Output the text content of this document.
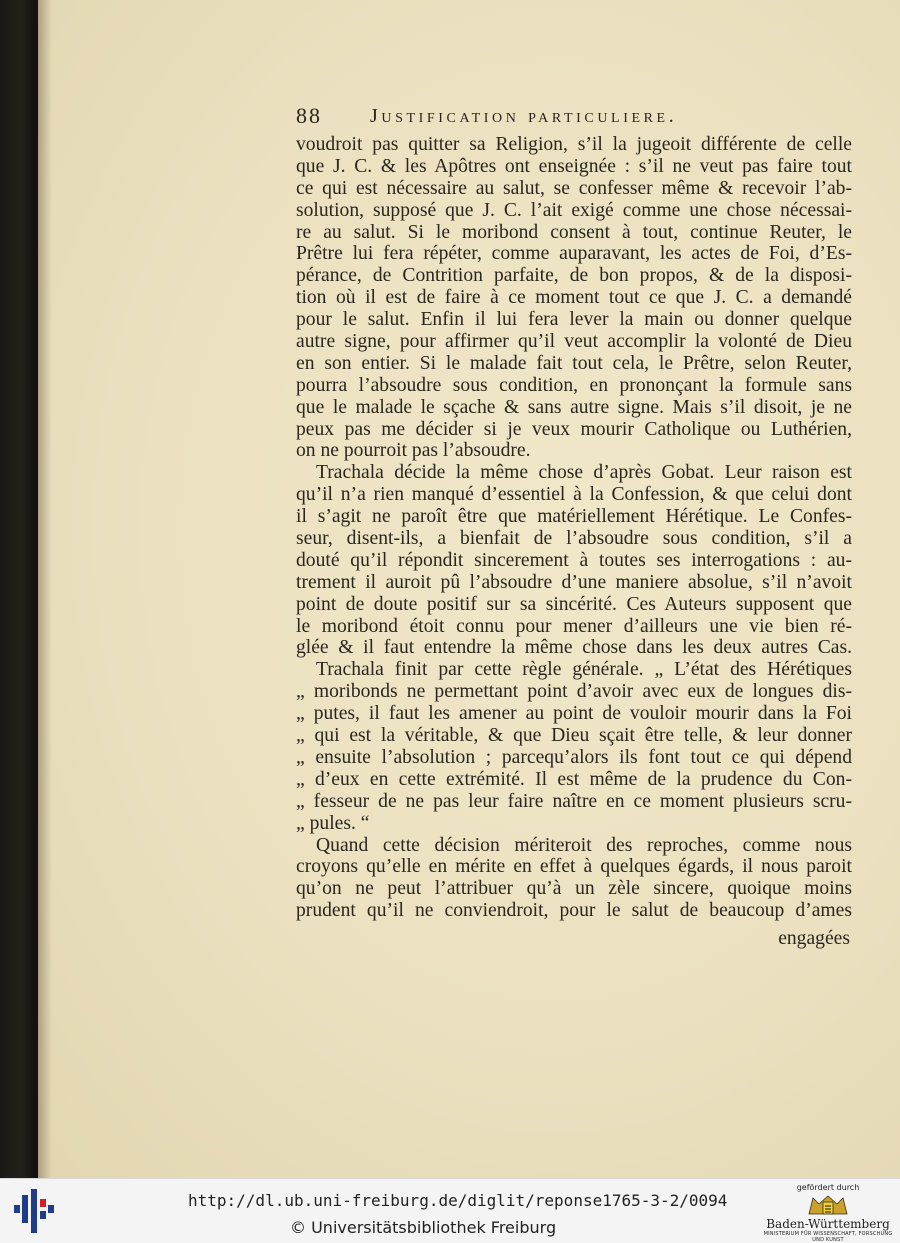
88 Justification particuliere.
voudroit pas quitter sa Religion, s’il la jugeoit différente de celle
que J. C. & les Apôtres ont enseignée : s’il ne veut pas faire tout
ce qui est nécessaire au salut, se confesser même & recevoir l’ab-
solution, supposé que J. C. l’ait exigé comme une chose nécessai-
re au salut. Si le moribond consent à tout, continue Reuter, le
Prêtre lui fera répéter, comme auparavant, les actes de Foi, d’Es-
pérance, de Contrition parfaite, de bon propos, & de la disposi-
tion où il est de faire à ce moment tout ce que J. C. a demandé
pour le salut. Enfin il lui fera lever la main ou donner quelque
autre signe, pour affirmer qu’il veut accomplir la volonté de Dieu
en son entier. Si le malade fait tout cela, le Prêtre, selon Reuter,
pourra l’absoudre sous condition, en prononçant la formule sans
que le malade le sçache & sans autre signe. Mais s’il disoit, je ne
peux pas me décider si je veux mourir Catholique ou Luthérien,
on ne pourroit pas l’absoudre.
Trachala décide la même chose d’après Gobat. Leur raison est
qu’il n’a rien manqué d’essentiel à la Confession, & que celui dont
il s’agit ne paroît être que matériellement Hérétique. Le Confes-
seur, disent-ils, a bienfait de l’absoudre sous condition, s’il a
douté qu’il répondit sincerement à toutes ses interrogations : au-
trement il auroit pû l’absoudre d’une maniere absolue, s’il n’avoit
point de doute positif sur sa sincérité. Ces Auteurs supposent que
le moribond étoit connu pour mener d’ailleurs une vie bien ré-
glée & il faut entendre la même chose dans les deux autres Cas.
Trachala finit par cette règle générale. „ L’état des Hérétiques
„ moribonds ne permettant point d’avoir avec eux de longues dis-
„ putes, il faut les amener au point de vouloir mourir dans la Foi
„ qui est la véritable, & que Dieu sçait être telle, & leur donner
„ ensuite l’absolution ; parcequ’alors ils font tout ce qui dépend
„ d’eux en cette extrémité. Il est même de la prudence du Con-
„ fesseur de ne pas leur faire naître en ce moment plusieurs scru-
„ pules. “
Quand cette décision mériteroit des reproches, comme nous
croyons qu’elle en mérite en effet à quelques égards, il nous paroit
qu’on ne peut l’attribuer qu’à un zèle sincere, quoique moins
prudent qu’il ne conviendroit, pour le salut de beaucoup d’ames
engagées
http://dl.ub.uni-freiburg.de/diglit/reponse1765-3-2/0094
© Universitätsbibliothek Freiburg
gefördert durch
Baden-Württemberg
MINISTERIUM FÜR WISSENSCHAFT, FORSCHUNG UND KUNST
